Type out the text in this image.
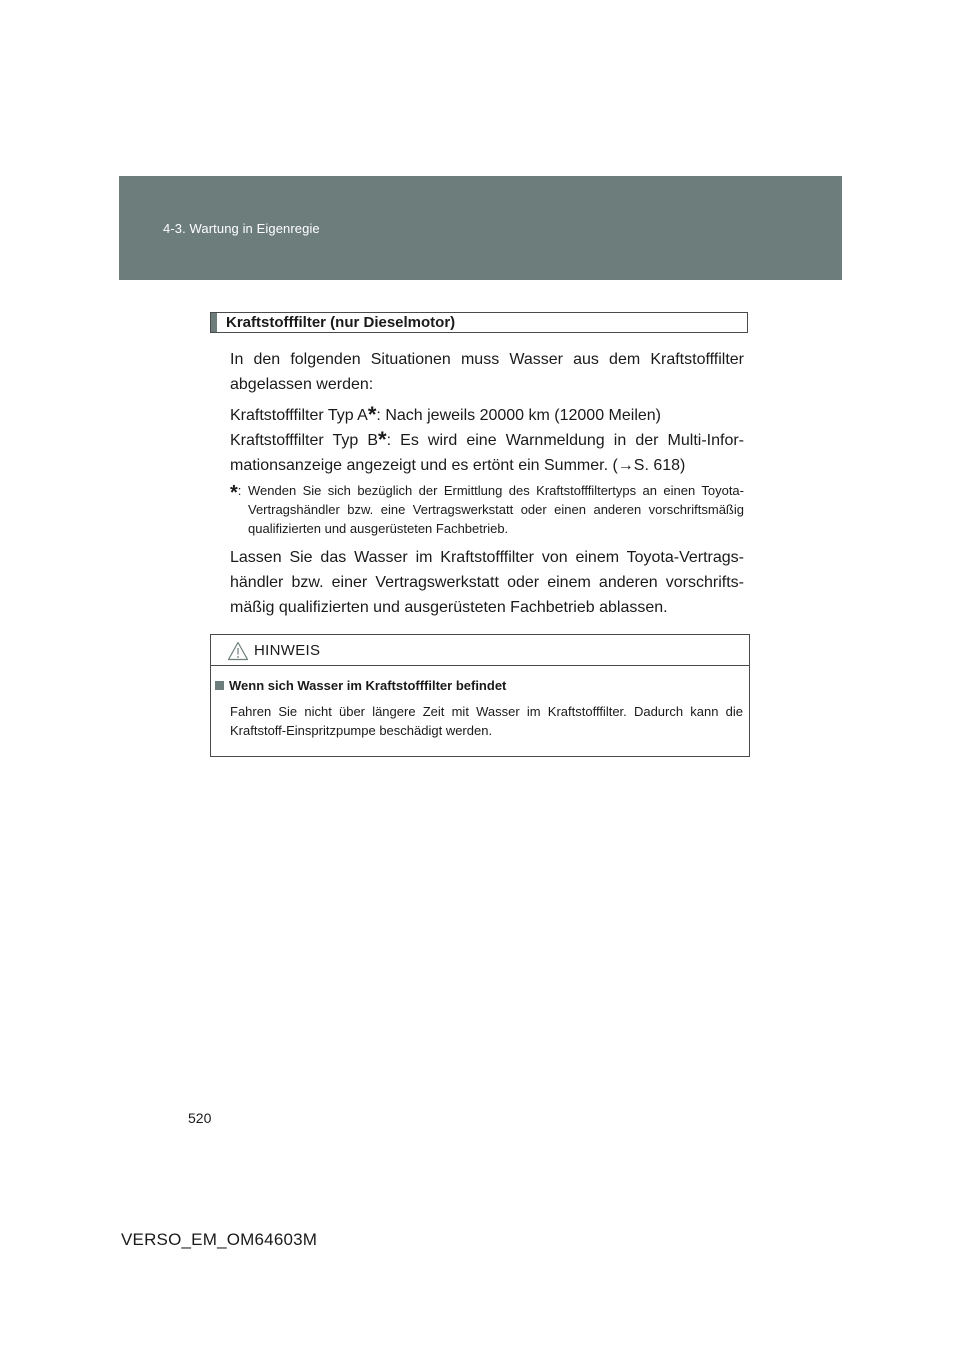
4-3. Wartung in Eigenregie
Kraftstofffilter (nur Dieselmotor)
In den folgenden Situationen muss Wasser aus dem Kraftstofffilter
abgelassen werden:
Kraftstofffilter Typ A*: Nach jeweils 20000 km (12000 Meilen)
Kraftstofffilter Typ B*: Es wird eine Warnmeldung in der Multi-Infor-
mationsanzeige angezeigt und es ertönt ein Summer. (→S. 618)
*: Wenden Sie sich bezüglich der Ermittlung des Kraftstofffiltertyps an einen Toyota-Vertragshändler bzw. eine Vertragswerkstatt oder einen anderen vorschriftsmäßig qualifizierten und ausgerüsteten Fachbetrieb.
Lassen Sie das Wasser im Kraftstofffilter von einem Toyota-Vertrags-
händler bzw. einer Vertragswerkstatt oder einem anderen vorschrifts-
mäßig qualifizierten und ausgerüsteten Fachbetrieb ablassen.
HINWEIS
Wenn sich Wasser im Kraftstofffilter befindet
Fahren Sie nicht über längere Zeit mit Wasser im Kraftstofffilter. Dadurch kann die Kraftstoff-Einspritzpumpe beschädigt werden.
520
VERSO_EM_OM64603M
